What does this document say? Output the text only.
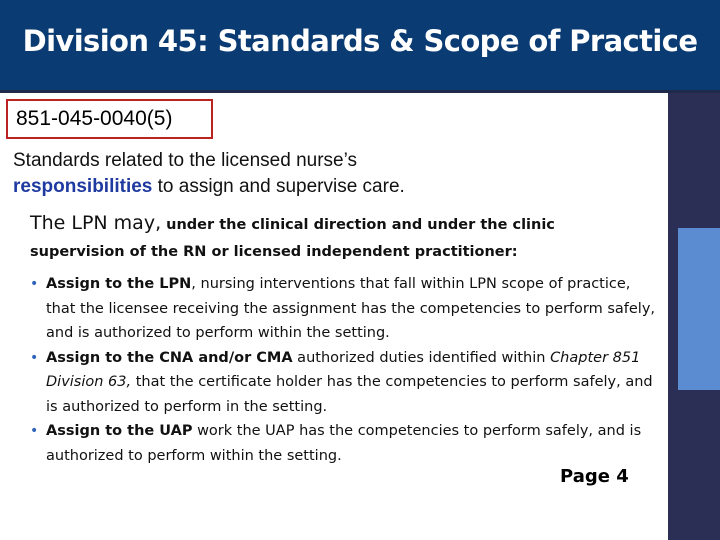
Division 45: Standards & Scope of Practice
851-045-0040(5)
Standards related to the licensed nurse’s
responsibilities to assign and supervise care.
The LPN may, under the clinical direction and under the clinic
supervision of the RN or licensed independent practitioner:
• Assign to the LPN, nursing interventions that fall within LPN scope of practice, that the licensee receiving the assignment has the competencies to perform safely, and is authorized to perform within the setting.
• Assign to the CNA and/or CMA authorized duties identified within Chapter 851 Division 63, that the certificate holder has the competencies to perform safely, and is authorized to perform in the setting.
• Assign to the UAP work the UAP has the competencies to perform safely, and is authorized to perform within the setting.
Page 4
